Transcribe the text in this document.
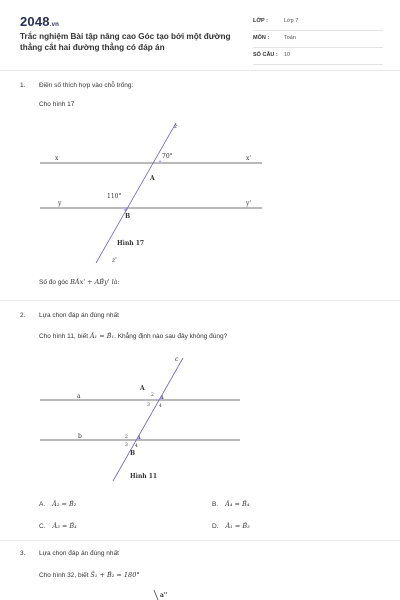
2048.vn
Trắc nghiệm Bài tập nâng cao Góc tạo bởi một đường thẳng cắt hai đường thẳng có đáp án
LỚP :	Lớp 7
MÔN :	Toán
SỐ CÂU : 10
1. Điền số thích hợp vào chỗ trống:
Cho hình 17
x	x'
y	y'
z
z'
70°
110°
A
B
Hình 17
Số đo góc BÂx' + AB̂y' là:
2. Lựa chọn đáp án đúng nhất
Cho hình 11, biết Â₁ = B̂₁. Khẳng định nào sau đây không đúng?
a
b
c
A
B
1
2
3 4
1
2
3 4
Hình 11
A. Â₂ = B̂₂	B. Â₄ = B̂₄
C. Â₃ = B̂₄	D. Â₁ = B̂₃
3. Lựa chọn đáp án đúng nhất
Cho hình 32, biết Ŝ₁ + B̂₂ = 180°
a''
